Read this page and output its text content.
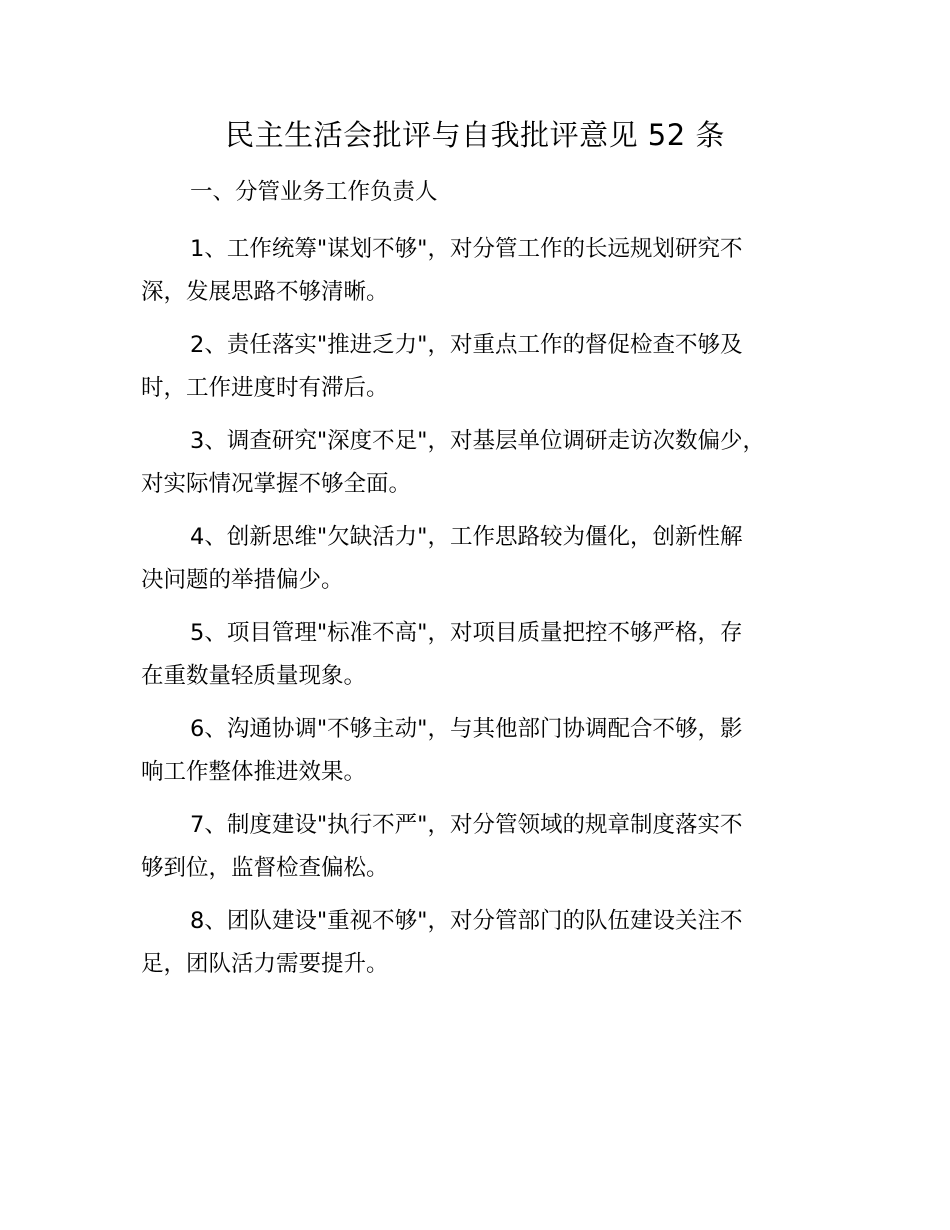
民主生活会批评与自我批评意见 52 条
一、分管业务工作负责人
1、工作统筹"谋划不够"，对分管工作的长远规划研究不
深，发展思路不够清晰。
2、责任落实"推进乏力"，对重点工作的督促检查不够及
时，工作进度时有滞后。
3、调查研究"深度不足"，对基层单位调研走访次数偏少，
对实际情况掌握不够全面。
4、创新思维"欠缺活力"，工作思路较为僵化，创新性解
决问题的举措偏少。
5、项目管理"标准不高"，对项目质量把控不够严格，存
在重数量轻质量现象。
6、沟通协调"不够主动"，与其他部门协调配合不够，影
响工作整体推进效果。
7、制度建设"执行不严"，对分管领域的规章制度落实不
够到位，监督检查偏松。
8、团队建设"重视不够"，对分管部门的队伍建设关注不
足，团队活力需要提升。
